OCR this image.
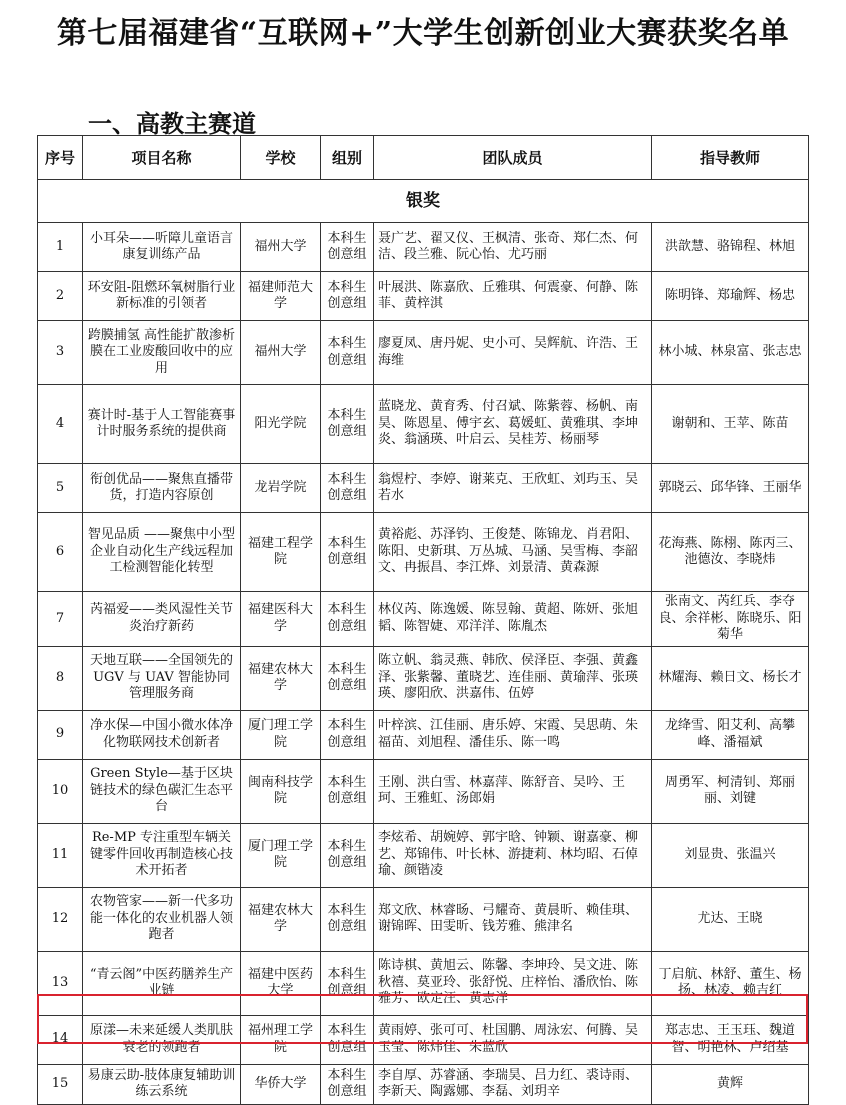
第七届福建省“互联网+”大学生创新创业大赛获奖名单
一、高教主赛道
序号	项目名称	学校	组别	团队成员	指导教师
银奖					
1	小耳朵——听障儿童语言康复训练产品	福州大学	本科生创意组	聂广艺、翟又仪、王枫清、张奇、郑仁杰、何洁、段兰雅、阮心怡、尤巧丽	洪歆慧、骆锦程、林旭
2	环安阻-阻燃环氧树脂行业新标准的引领者	福建师范大学	本科生创意组	叶展洪、陈嘉欣、丘雅琪、何震豪、何静、陈菲、黄梓淇	陈明锋、郑瑜辉、杨忠
3	跨膜捕氢 高性能扩散渗析膜在工业废酸回收中的应用	福州大学	本科生创意组	廖夏凤、唐丹妮、史小可、吴辉航、许浩、王海维	林小城、林泉富、张志忠
4	赛计时-基于人工智能赛事计时服务系统的提供商	阳光学院	本科生创意组	蓝晓龙、黄育秀、付召斌、陈紫蓉、杨帆、南昊、陈恩星、傅宇玄、葛媛虹、黄雅琪、李坤炎、翁涵瑛、叶启云、吴桂芳、杨丽琴	谢朝和、王苹、陈苗
5	衔创优品——聚焦直播带货，打造内容原创	龙岩学院	本科生创意组	翁煜柠、李婷、谢莱克、王欣虹、刘玙玉、吴若水	郭晓云、邱华锋、王丽华
6	智见品质 ——聚焦中小型企业自动化生产线远程加工检测智能化转型	福建工程学院	本科生创意组	黄裕彪、苏泽钧、王俊楚、陈锦龙、肖君阳、陈阳、史新琪、万丛城、马涵、吴雪梅、李韶文、冉振昌、李江烨、刘景清、黄森源	花海燕、陈栩、陈丙三、池德汝、李晓炜
7	芮福爱——类风湿性关节炎治疗新药	福建医科大学	本科生创意组	林仪芮、陈逸媛、陈昱翰、黄超、陈妍、张旭韬、陈智婕、邓洋洋、陈胤杰	张南文、芮红兵、李夺良、余祥彬、陈晓乐、阳菊华
8	天地互联——全国领先的 UGV 与 UAV 智能协同管理服务商	福建农林大学	本科生创意组	陈立帆、翁灵燕、韩欣、侯泽臣、李强、黄鑫泽、张紫馨、董晓艺、连佳丽、黄瑜萍、张瑛瑛、廖阳欣、洪嘉伟、伍婷	林耀海、赖日文、杨长才
9	净水保—中国小微水体净化物联网技术创新者	厦门理工学院	本科生创意组	叶梓滨、江佳丽、唐乐婷、宋霞、吴思萌、朱福苗、刘旭程、潘佳乐、陈一鸣	龙绛雪、阳艾利、高攀峰、潘福斌
10	Green Style—基于区块链技术的绿色碳汇生态平台	闽南科技学院	本科生创意组	王刚、洪白雪、林嘉萍、陈舒音、吴吟、王珂、王雅虹、汤郎娟	周勇军、柯清钊、郑丽丽、刘键
11	Re-MP 专注重型车辆关键零件回收再制造核心技术开拓者	厦门理工学院	本科生创意组	李炫希、胡婉婷、郭宇晗、钟颖、谢嘉豪、柳艺、郑锦伟、叶长林、游捷莉、林均昭、石倬瑜、颜锴凌	刘显贵、张温兴
12	农物管家——新一代多功能一体化的农业机器人领跑者	福建农林大学	本科生创意组	郑文欣、林睿旸、弓耀奇、黄晨昕、赖佳琪、谢锦晖、田雯昕、钱芳雅、熊津名	尤达、王晓
13	“青云阁”中医药膳养生产业链	福建中医药大学	本科生创意组	陈诗棋、黄旭云、陈馨、李坤玲、吴文进、陈秋禧、莫亚玲、张舒悦、庄梓怡、潘欣怡、陈雅芳、欧定汪、黄志洋	丁启航、林舒、董生、杨扬、林凌、赖吉红
14	原漾—未来延缓人类肌肤衰老的领跑者	福州理工学院	本科生创意组	黄雨婷、张可可、杜国鹏、周泳宏、何腾、吴玉莹、陈炜佳、朱蓝欣	郑志忠、王玉珏、魏道智、明艳林、卢绍基
15	易康云助-肢体康复辅助训练云系统	华侨大学	本科生创意组	李自厚、苏睿涵、李瑞昊、吕力红、裘诗雨、李新天、陶露娜、李磊、刘玥辛	黄辉
